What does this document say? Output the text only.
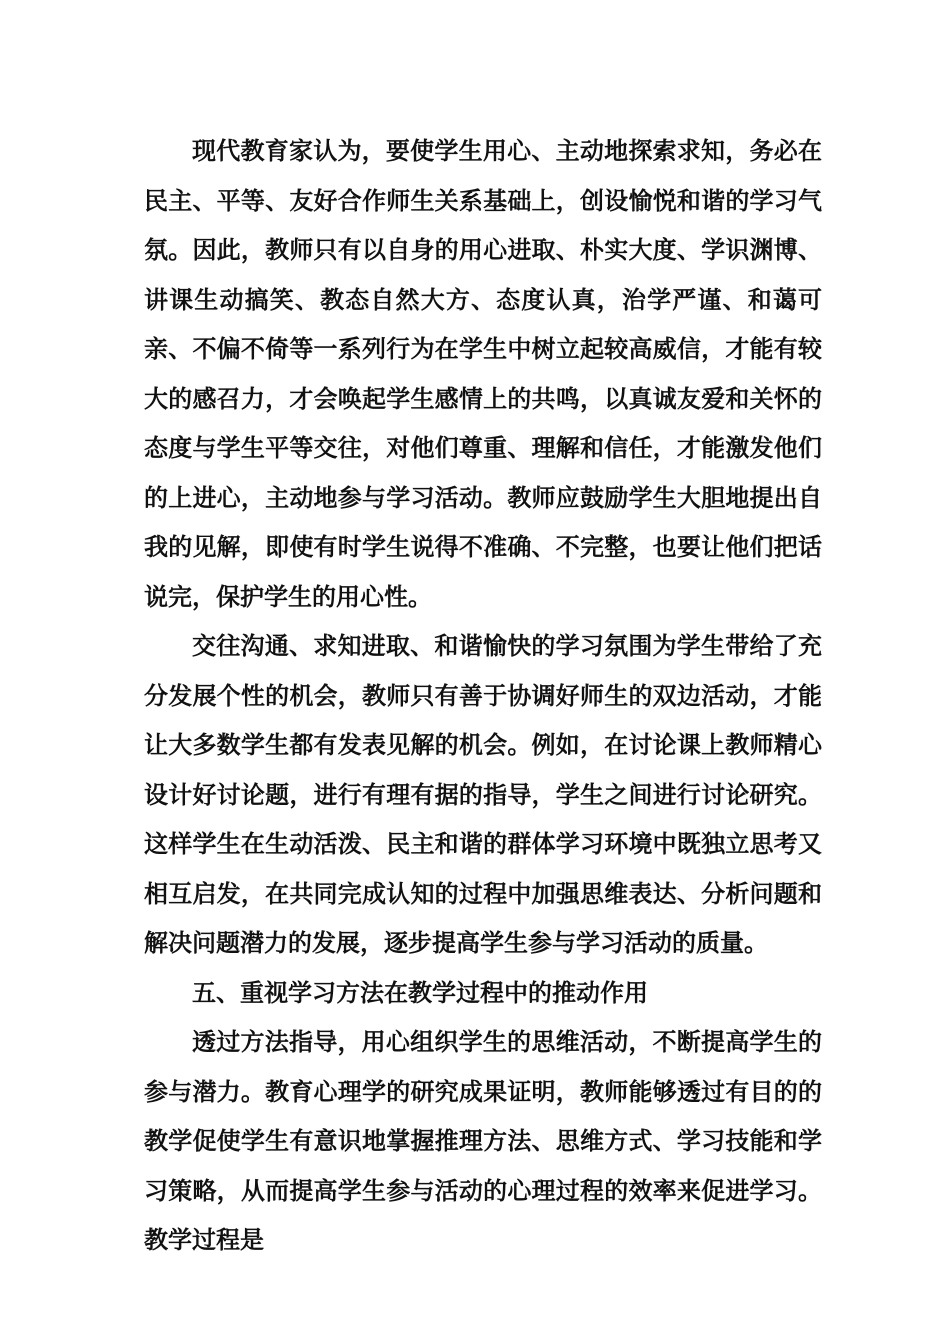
现代教育家认为，要使学生用心、主动地探索求知，务必在民主、平等、友好合作师生关系基础上，创设愉悦和谐的学习气氛。因此，教师只有以自身的用心进取、朴实大度、学识渊博、讲课生动搞笑、教态自然大方、态度认真，治学严谨、和蔼可亲、不偏不倚等一系列行为在学生中树立起较高威信，才能有较大的感召力，才会唤起学生感情上的共鸣，以真诚友爱和关怀的态度与学生平等交往，对他们尊重、理解和信任，才能激发他们的上进心，主动地参与学习活动。教师应鼓励学生大胆地提出自我的见解，即使有时学生说得不准确、不完整，也要让他们把话说完，保护学生的用心性。

交往沟通、求知进取、和谐愉快的学习氛围为学生带给了充分发展个性的机会，教师只有善于协调好师生的双边活动，才能让大多数学生都有发表见解的机会。例如，在讨论课上教师精心设计好讨论题，进行有理有据的指导，学生之间进行讨论研究。这样学生在生动活泼、民主和谐的群体学习环境中既独立思考又相互启发，在共同完成认知的过程中加强思维表达、分析问题和解决问题潜力的发展，逐步提高学生参与学习活动的质量。

五、重视学习方法在教学过程中的推动作用

透过方法指导，用心组织学生的思维活动，不断提高学生的参与潜力。教育心理学的研究成果证明，教师能够透过有目的的教学促使学生有意识地掌握推理方法、思维方式、学习技能和学习策略，从而提高学生参与活动的心理过程的效率来促进学习。教学过程是
